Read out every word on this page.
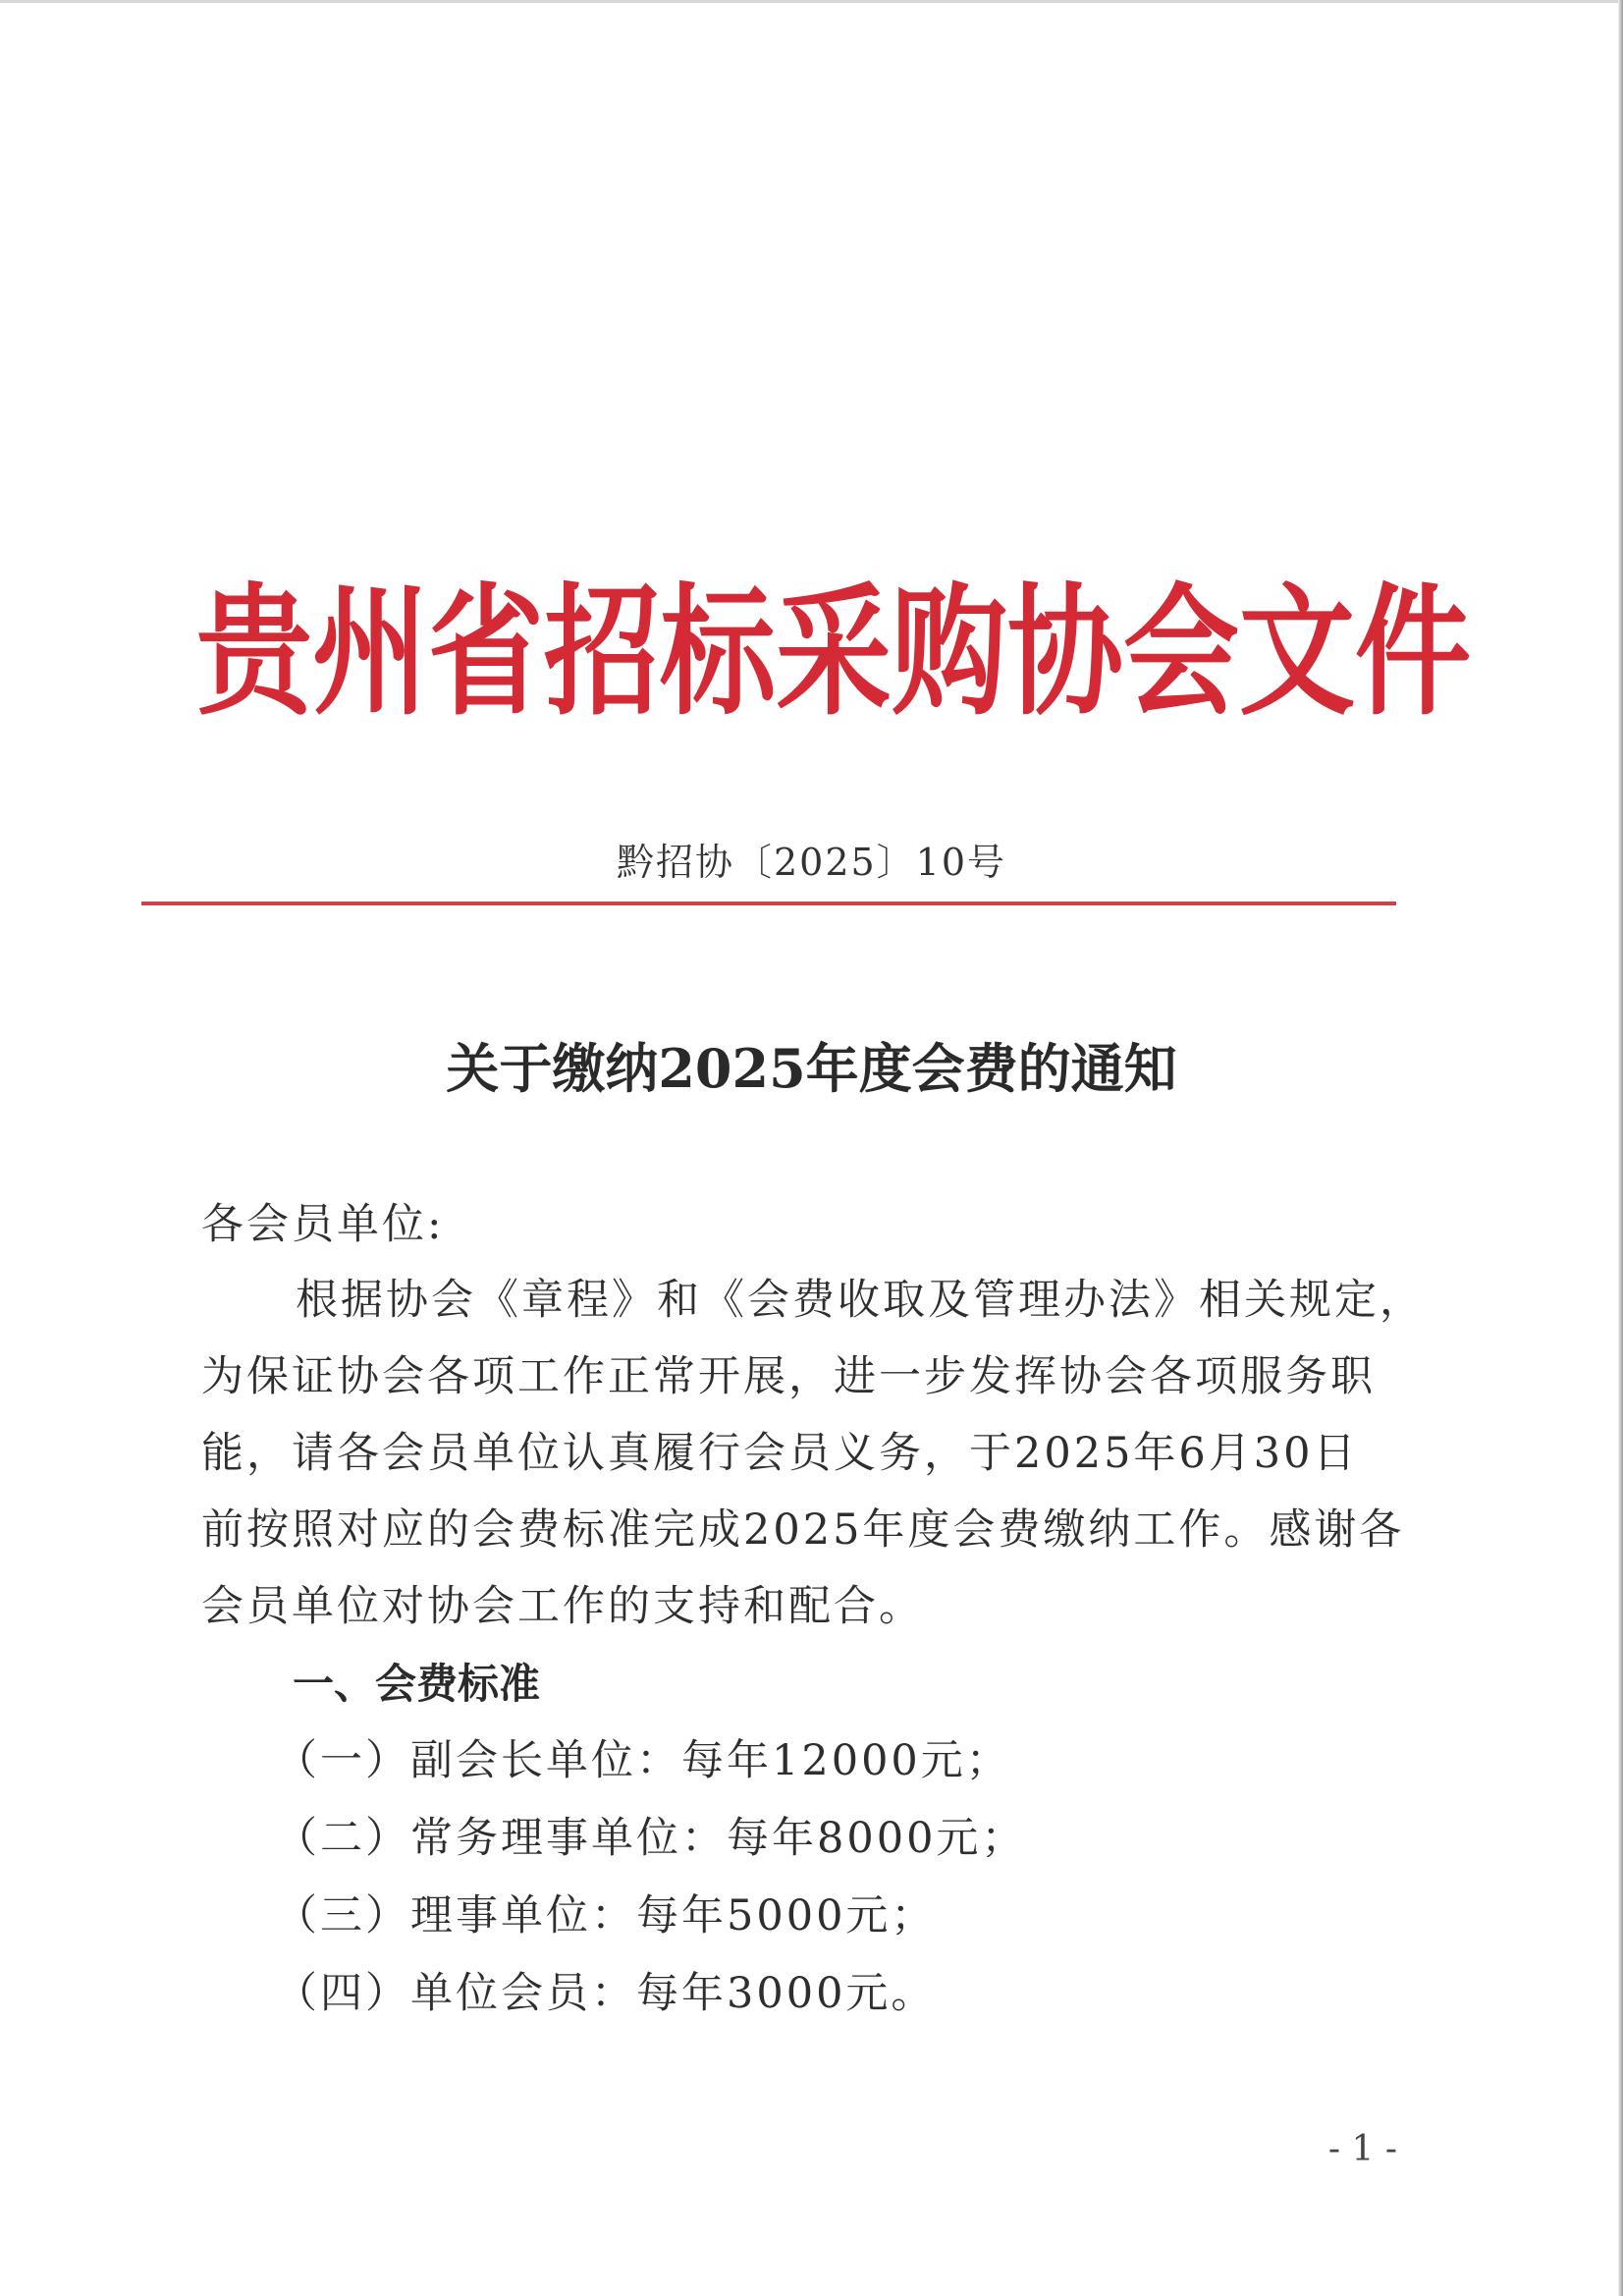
贵州省招标采购协会文件
黔招协〔2025〕10号
关于缴纳2025年度会费的通知
各会员单位:
根据协会《章程》和《会费收取及管理办法》相关规定，
为保证协会各项工作正常开展，进一步发挥协会各项服务职
能，请各会员单位认真履行会员义务，于2025年6月30日
前按照对应的会费标准完成2025年度会费缴纳工作。感谢各
会员单位对协会工作的支持和配合。
一、会费标准
（一）副会长单位：每年12000元；
（二）常务理事单位：每年8000元；
（三）理事单位：每年5000元；
（四）单位会员：每年3000元。
- 1 -
